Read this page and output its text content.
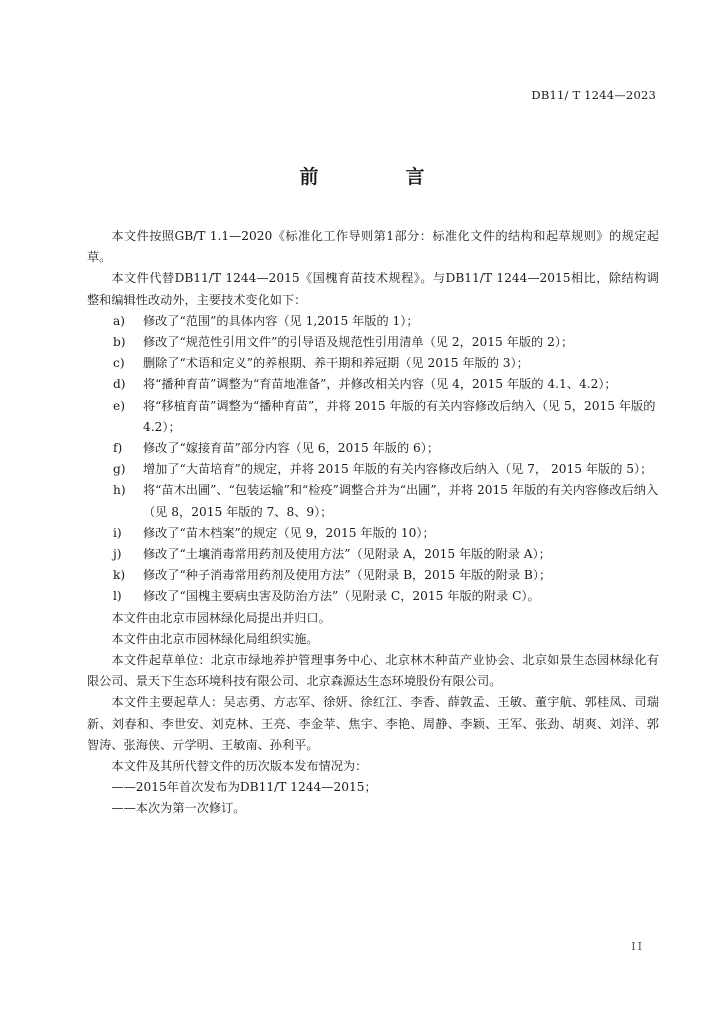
DB11/ T 1244—2023
前　言

本文件按照GB/T 1.1—2020《标准化工作导则第1部分：标准化文件的结构和起草规则》的规定起草。

本文件代替DB11/T 1244—2015《国槐育苗技术规程》。与DB11/T 1244—2015相比，除结构调整和编辑性改动外，主要技术变化如下：

a)	修改了“范围”的具体内容（见 1,2015 年版的 1）；
b)	修改了“规范性引用文件”的引导语及规范性引用清单（见 2，2015 年版的 2）；
c)	删除了“术语和定义”的养根期、养干期和养冠期（见 2015 年版的 3）；
d)	将“播种育苗”调整为“育苗地准备”，并修改相关内容（见 4，2015 年版的 4.1、4.2）；
e)	将“移植育苗”调整为“播种育苗”，并将 2015 年版的有关内容修改后纳入（见 5，2015 年版的 4.2）；
f)	修改了“嫁接育苗”部分内容（见 6，2015 年版的 6）；
g)	增加了“大苗培育”的规定，并将 2015 年版的有关内容修改后纳入（见 7， 2015 年版的 5）；
h)	将“苗木出圃”、“包装运输”和“检疫”调整合并为“出圃”，并将 2015 年版的有关内容修改后纳入（见 8，2015 年版的 7、8、9）；
i)	修改了“苗木档案”的规定（见 9，2015 年版的 10）；
j)	修改了“土壤消毒常用药剂及使用方法”（见附录 A，2015 年版的附录 A）；
k)	修改了“种子消毒常用药剂及使用方法”（见附录 B，2015 年版的附录 B）；
l)	修改了“国槐主要病虫害及防治方法”（见附录 C，2015 年版的附录 C）。

本文件由北京市园林绿化局提出并归口。

本文件由北京市园林绿化局组织实施。

本文件起草单位：北京市绿地养护管理事务中心、北京林木种苗产业协会、北京如景生态园林绿化有限公司、景天下生态环境科技有限公司、北京森源达生态环境股份有限公司。

本文件主要起草人：吴志勇、方志军、徐妍、徐红江、李香、薛敦孟、王敏、董宇航、郭桂凤、司瑞新、刘春和、李世安、刘克林、王亮、李金苹、焦宇、李艳、周静、李颖、王军、张劲、胡爽、刘洋、郭智涛、张海侠、亓学明、王敏南、孙利平。

本文件及其所代替文件的历次版本发布情况为：

——2015年首次发布为DB11/T 1244—2015；

——本次为第一次修订。

II
